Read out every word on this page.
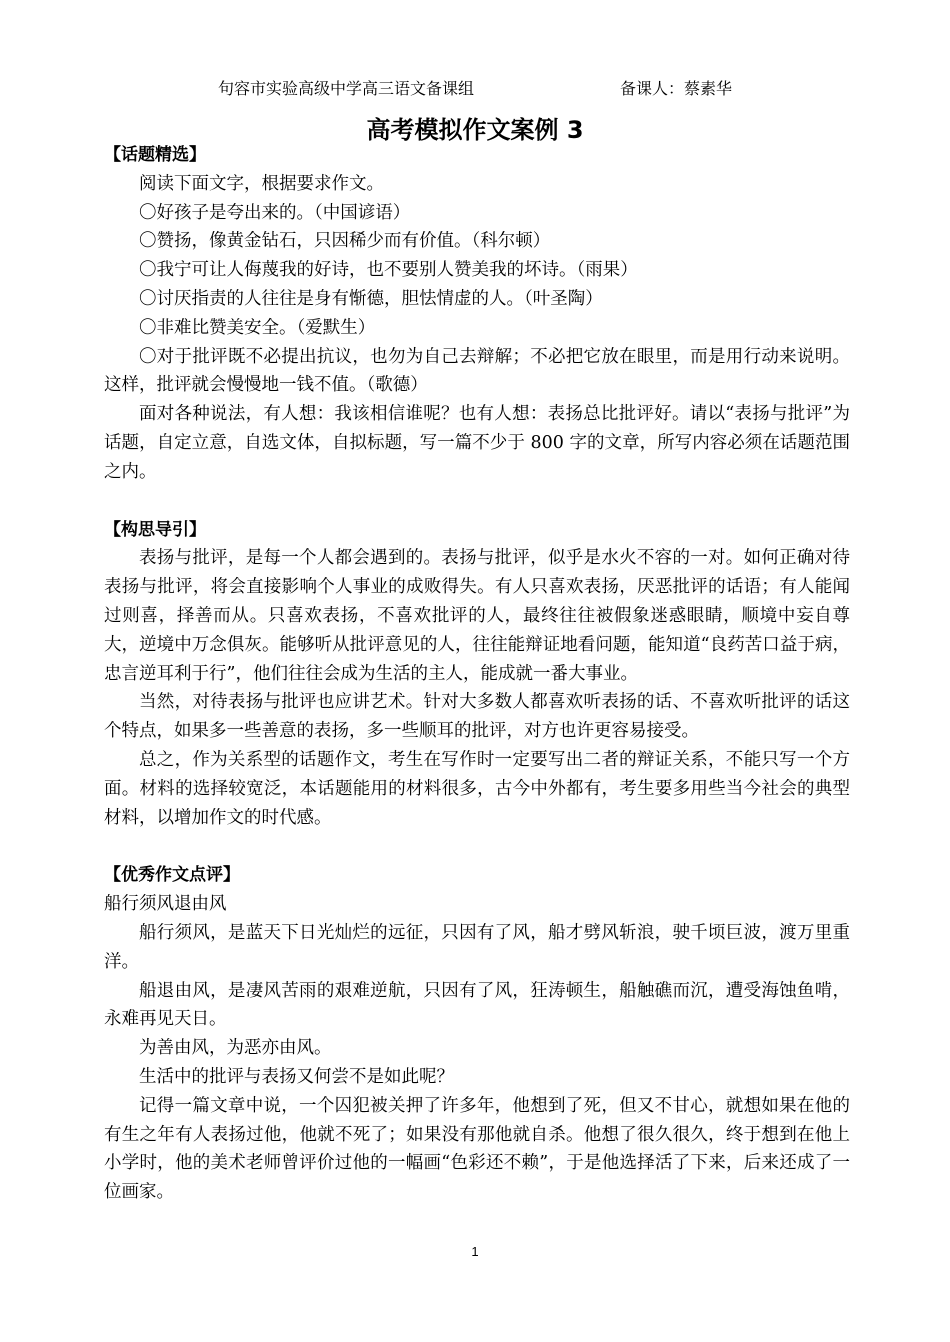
句容市实验高级中学高三语文备课组	备课人：蔡素华
高考模拟作文案例 3

【话题精选】

阅读下面文字，根据要求作文。

〇好孩子是夸出来的。（中国谚语）

〇赞扬，像黄金钻石，只因稀少而有价值。（科尔顿）

〇我宁可让人侮蔑我的好诗，也不要别人赞美我的坏诗。（雨果）

〇讨厌指责的人往往是身有惭德，胆怯情虚的人。（叶圣陶）

〇非难比赞美安全。（爱默生）

〇对于批评既不必提出抗议，也勿为自己去辩解；不必把它放在眼里，而是用行动来说明。这样，批评就会慢慢地一钱不值。（歌德）

面对各种说法，有人想：我该相信谁呢？也有人想：表扬总比批评好。请以“表扬与批评”为话题，自定立意，自选文体，自拟标题，写一篇不少于 800 字的文章，所写内容必须在话题范围之内。

【构思导引】

表扬与批评，是每一个人都会遇到的。表扬与批评，似乎是水火不容的一对。如何正确对待表扬与批评，将会直接影响个人事业的成败得失。有人只喜欢表扬，厌恶批评的话语；有人能闻过则喜，择善而从。只喜欢表扬，不喜欢批评的人，最终往往被假象迷惑眼睛，顺境中妄自尊大，逆境中万念俱灰。能够听从批评意见的人，往往能辩证地看问题，能知道“良药苦口益于病，忠言逆耳利于行”，他们往往会成为生活的主人，能成就一番大事业。

当然，对待表扬与批评也应讲艺术。针对大多数人都喜欢听表扬的话、不喜欢听批评的话这个特点，如果多一些善意的表扬，多一些顺耳的批评，对方也许更容易接受。

总之，作为关系型的话题作文，考生在写作时一定要写出二者的辩证关系，不能只写一个方面。材料的选择较宽泛，本话题能用的材料很多，古今中外都有，考生要多用些当今社会的典型材料，以增加作文的时代感。

【优秀作文点评】

船行须风退由风

船行须风，是蓝天下日光灿烂的远征，只因有了风，船才劈风斩浪，驶千顷巨波，渡万里重洋。

船退由风，是凄风苦雨的艰难逆航，只因有了风，狂涛顿生，船触礁而沉，遭受海蚀鱼啃，永难再见天日。

为善由风，为恶亦由风。

生活中的批评与表扬又何尝不是如此呢？

记得一篇文章中说，一个囚犯被关押了许多年，他想到了死，但又不甘心，就想如果在他的有生之年有人表扬过他，他就不死了；如果没有那他就自杀。他想了很久很久，终于想到在他上小学时，他的美术老师曾评价过他的一幅画“色彩还不赖”，于是他选择活了下来，后来还成了一位画家。

1
